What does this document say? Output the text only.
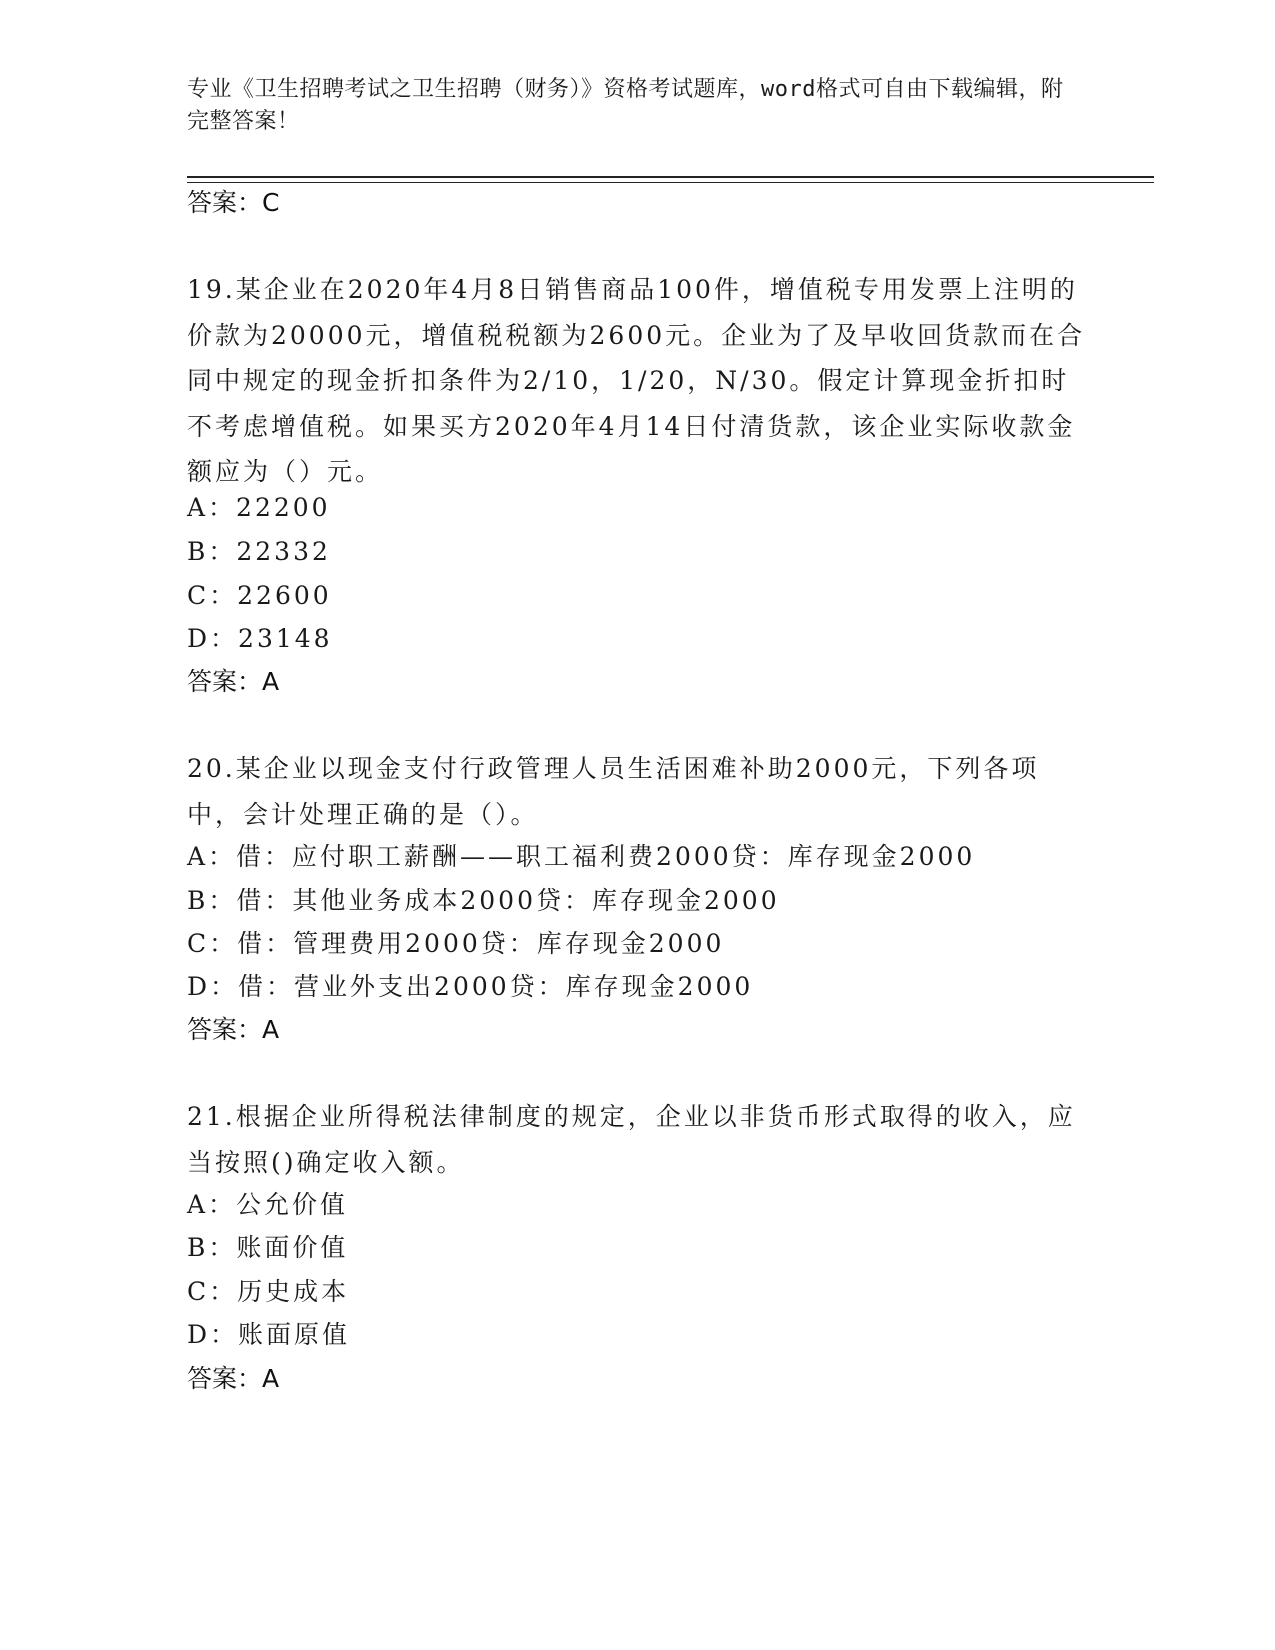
专业《卫生招聘考试之卫生招聘（财务）》资格考试题库，word格式可自由下载编辑，附完整答案！
答案：C
19.某企业在2020年4月8日销售商品100件，增值税专用发票上注明的价款为20000元，增值税税额为2600元。企业为了及早收回货款而在合同中规定的现金折扣条件为2/10，1/20，N/30。假定计算现金折扣时不考虑增值税。如果买方2020年4月14日付清货款，该企业实际收款金额应为（）元。
A：22200
B：22332
C：22600
D：23148
答案：A
20.某企业以现金支付行政管理人员生活困难补助2000元，下列各项中，会计处理正确的是（）。
A：借：应付职工薪酬——职工福利费2000贷：库存现金2000
B：借：其他业务成本2000贷：库存现金2000
C：借：管理费用2000贷：库存现金2000
D：借：营业外支出2000贷：库存现金2000
答案：A
21.根据企业所得税法律制度的规定，企业以非货币形式取得的收入，应当按照()确定收入额。
A：公允价值
B：账面价值
C：历史成本
D：账面原值
答案：A
